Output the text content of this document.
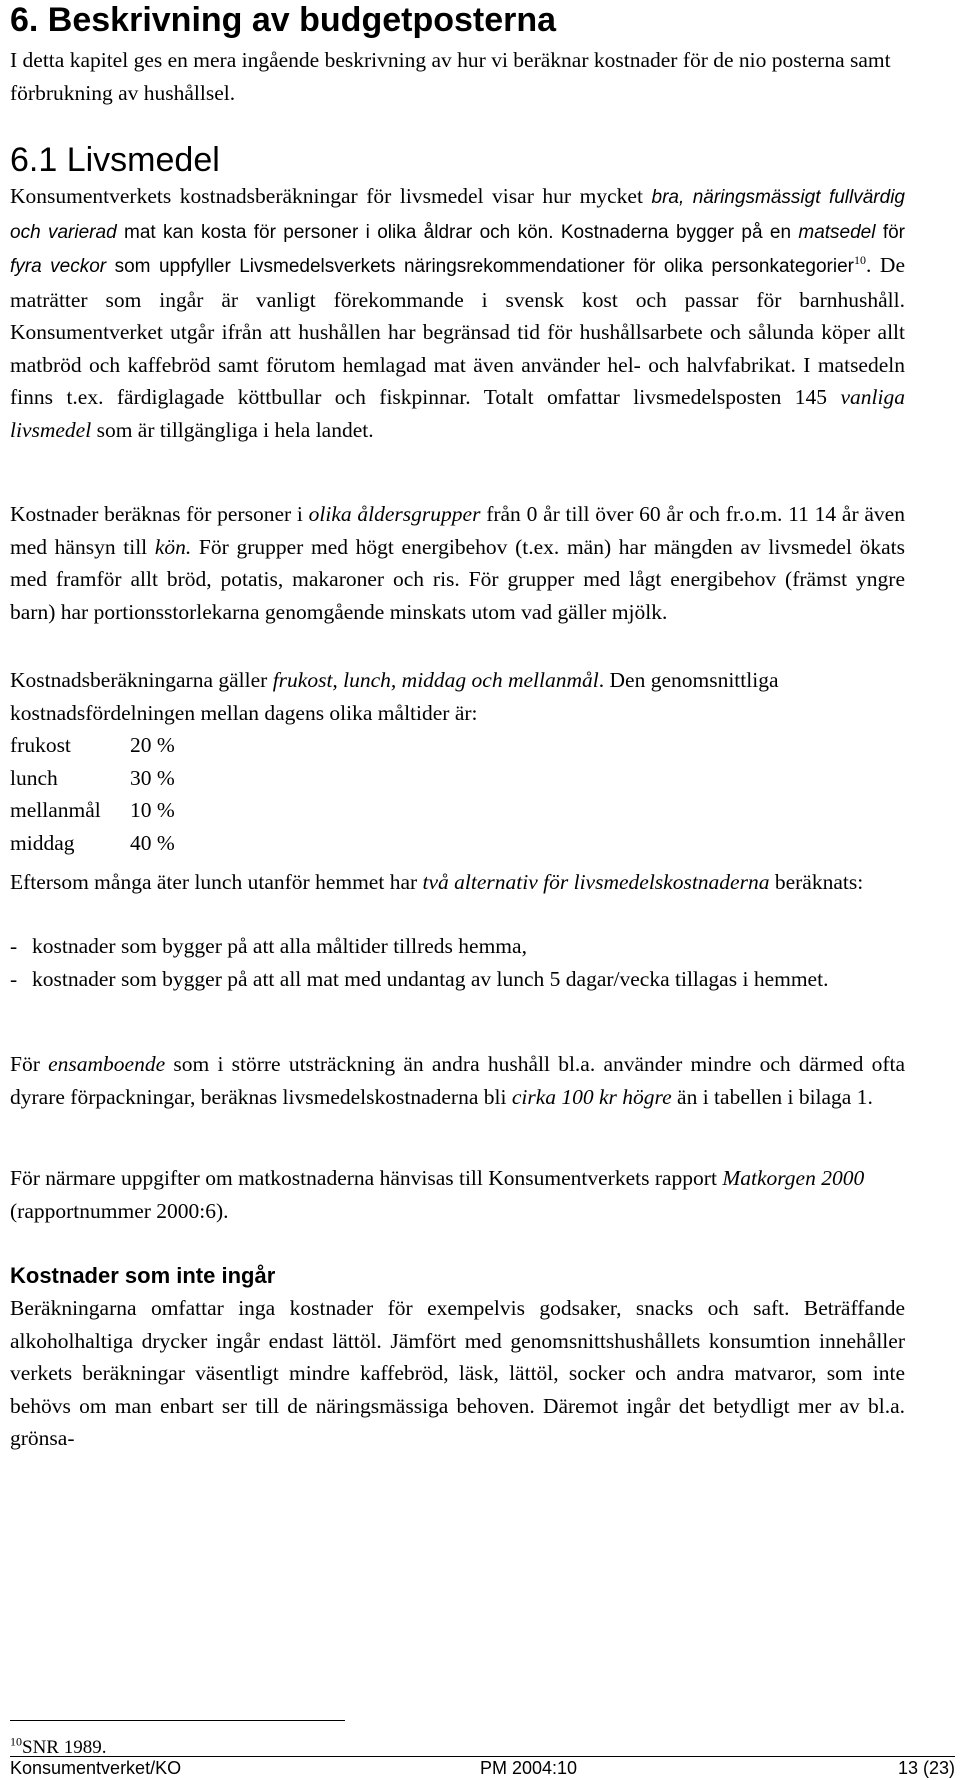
6. Beskrivning av budgetposterna

I detta kapitel ges en mera ingående beskrivning av hur vi beräknar kostnader för de nio posterna samt förbrukning av hushållsel.

6.1 Livsmedel

Konsumentverkets kostnadsberäkningar för livsmedel visar hur mycket bra, näringsmässigt fullvärdig och varierad mat kan kosta för personer i olika åldrar och kön. Kostnaderna bygger på en matsedel för fyra veckor som uppfyller Livsmedelsverkets näringsrekommendationer för olika personkategorier$^{10}$. De maträtter som ingår är vanligt förekommande i svensk kost och passar för barnhushåll. Konsumentverket utgår ifrån att hushållen har begränsad tid för hushållsarbete och sålunda köper allt matbröd och kaffebröd samt förutom hemlagad mat även använder hel- och halvfabrikat. I matsedeln finns t.ex. färdiglagade köttbullar och fiskpinnar. Totalt omfattar livsmedelsposten 145 vanliga livsmedel som är tillgängliga i hela landet.

Kostnader beräknas för personer i olika åldersgrupper från 0 år till över 60 år och fr.o.m. 11 14 år även med hänsyn till kön. För grupper med högt energibehov (t.ex. män) har mängden av livsmedel ökats med framför allt bröd, potatis, makaroner och ris. För grupper med lågt energibehov (främst yngre barn) har portionsstorlekarna genomgående minskats utom vad gäller mjölk.

Kostnadsberäkningarna gäller frukost, lunch, middag och mellanmål. Den genomsnittliga kostnadsfördelningen mellan dagens olika måltider är:

frukost	20 %
lunch	30 %
mellanmål	10 %
middag	40 %

Eftersom många äter lunch utanför hemmet har två alternativ för livsmedelskostnaderna beräknats:

- kostnader som bygger på att alla måltider tillreds hemma,
- kostnader som bygger på att all mat med undantag av lunch 5 dagar/vecka tillagas i hemmet.

För ensamboende som i större utsträckning än andra hushåll bl.a. använder mindre och därmed ofta dyrare förpackningar, beräknas livsmedelskostnaderna bli cirka 100 kr högre än i tabellen i bilaga 1.

För närmare uppgifter om matkostnaderna hänvisas till Konsumentverkets rapport Matkorgen 2000 (rapportnummer 2000:6).

Kostnader som inte ingår

Beräkningarna omfattar inga kostnader för exempelvis godsaker, snacks och saft. Beträffande alkoholhaltiga drycker ingår endast lättöl. Jämfört med genomsnittshushållets konsumtion innehåller verkets beräkningar väsentligt mindre kaffebröd, läsk, lättöl, socker och andra matvaror, som inte behövs om man enbart ser till de näringsmässiga behoven. Däremot ingår det betydligt mer av bl.a. grönsa-

$^{10}$SNR 1989.
Konsumentverket/KO	PM 2004:10	13 (23)
